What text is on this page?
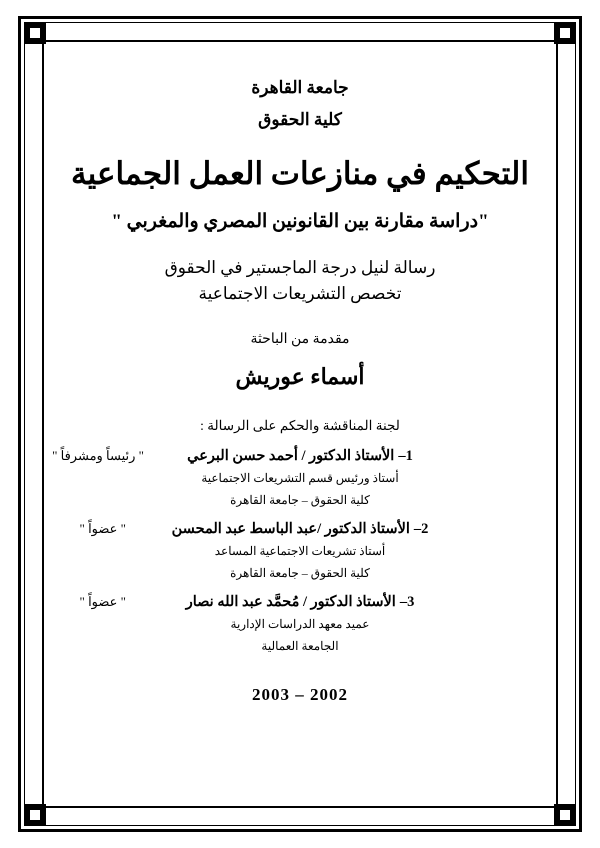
جامعة القاهرة
كلية الحقوق
التحكيم في منازعات العمل الجماعية
"دراسة مقارنة بين القانونين المصري والمغربي "
رسالة لنيل درجة الماجستير في الحقوق
تخصص التشريعات الاجتماعية
مقدمة من الباحثة
أسماء عوريش
لجنة المناقشة والحكم على الرسالة :
1–
الأستاذ الدكتور / أحمد حسن البرعي
" رئيساً ومشرفاً "
أستاذ ورئيس قسم التشريعات الاجتماعية
كلية الحقوق – جامعة القاهرة
2–
الأستاذ الدكتور /عبد الباسط عبد المحسن
" عضواً "
أستاذ تشريعات الاجتماعية المساعد
كلية الحقوق – جامعة القاهرة
3–
الأستاذ الدكتور / مُحمَّد عبد الله نصار
" عضواً "
عميد معهد الدراسات الإدارية
الجامعة العمالية
2003 – 2002
